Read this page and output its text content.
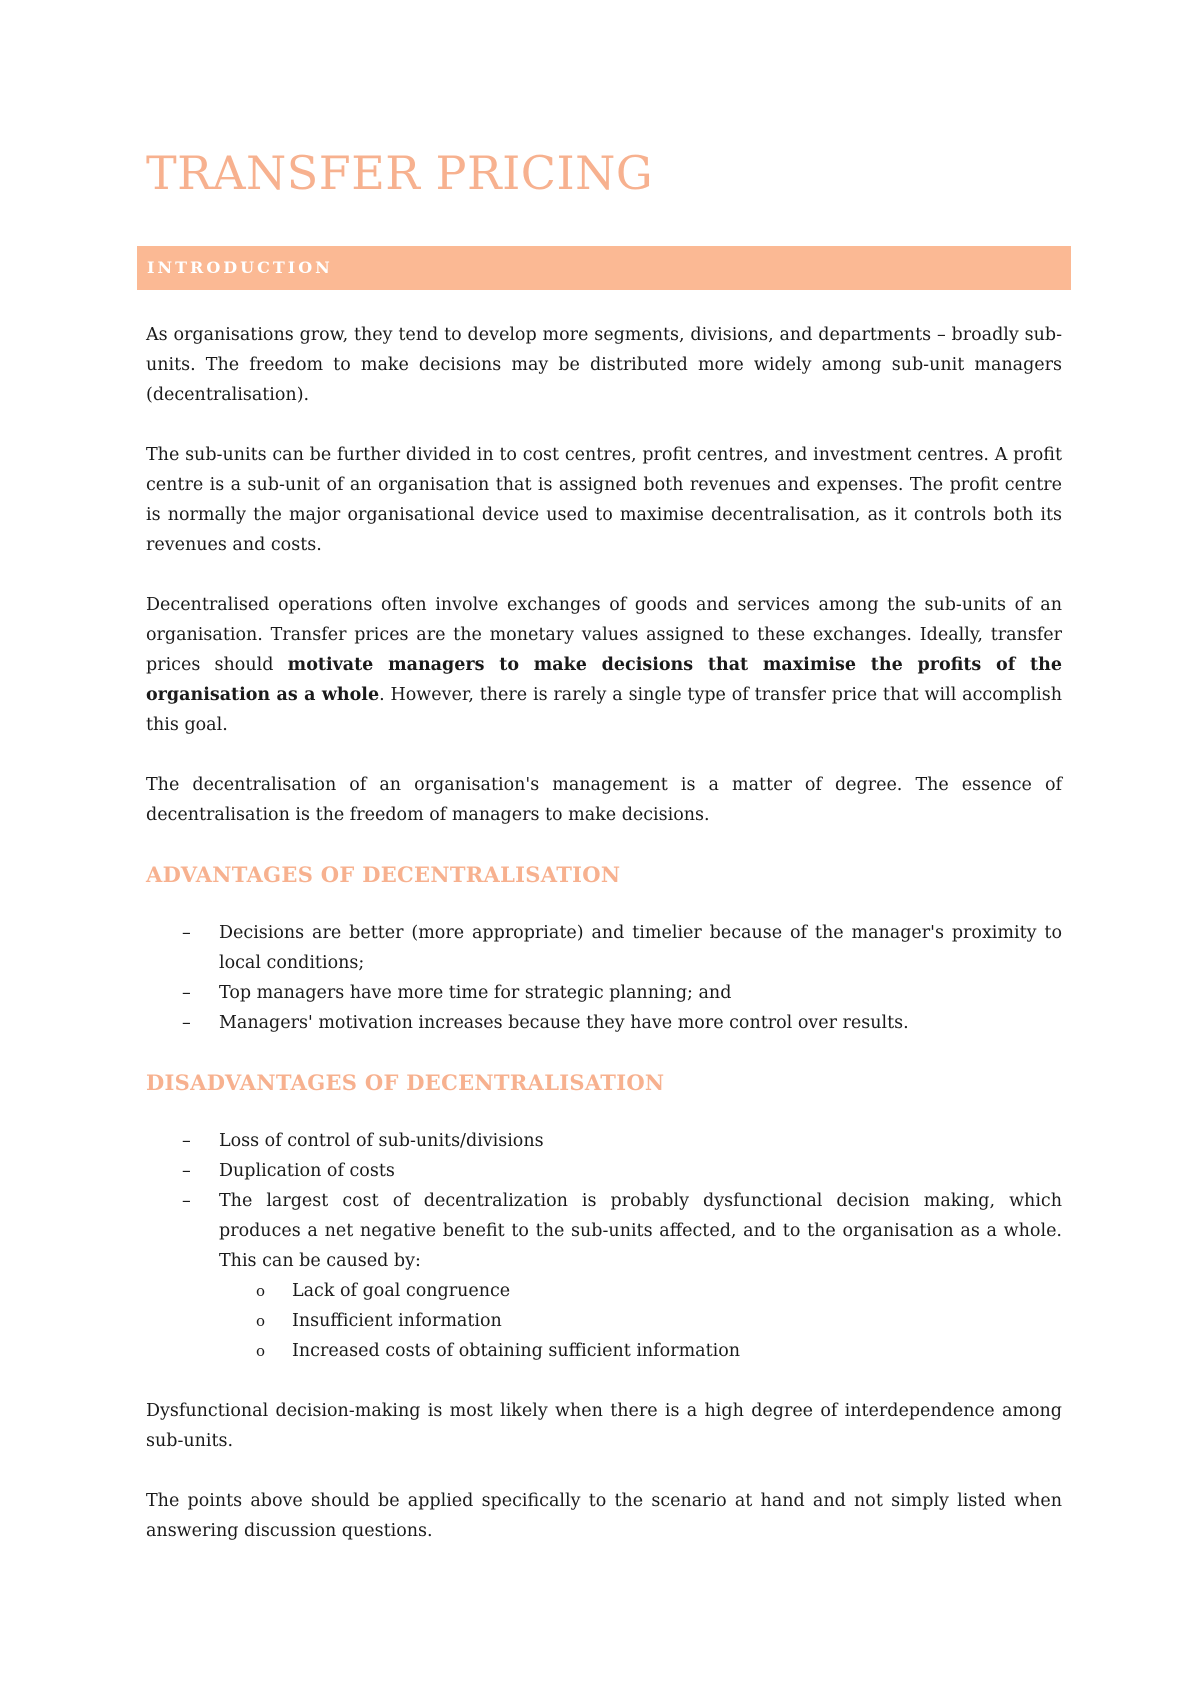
TRANSFER PRICING
INTRODUCTION

As organisations grow, they tend to develop more segments, divisions, and departments – broadly sub-units. The freedom to make decisions may be distributed more widely among sub-unit managers (decentralisation).

The sub-units can be further divided in to cost centres, profit centres, and investment centres. A profit centre is a sub-unit of an organisation that is assigned both revenues and expenses. The profit centre is normally the major organisational device used to maximise decentralisation, as it controls both its revenues and costs.

Decentralised operations often involve exchanges of goods and services among the sub-units of an organisation. Transfer prices are the monetary values assigned to these exchanges. Ideally, transfer prices should motivate managers to make decisions that maximise the profits of the organisation as a whole. However, there is rarely a single type of transfer price that will accomplish this goal.

The decentralisation of an organisation's management is a matter of degree. The essence of decentralisation is the freedom of managers to make decisions.

ADVANTAGES OF DECENTRALISATION
– Decisions are better (more appropriate) and timelier because of the manager's proximity to local conditions;
– Top managers have more time for strategic planning; and
– Managers' motivation increases because they have more control over results.
DISADVANTAGES OF DECENTRALISATION
– Loss of control of sub-units/divisions
– Duplication of costs
– The largest cost of decentralization is probably dysfunctional decision making, which produces a net negative benefit to the sub-units affected, and to the organisation as a whole. This can be caused by:
o Lack of goal congruence
o Insufficient information
o Increased costs of obtaining sufficient information

Dysfunctional decision-making is most likely when there is a high degree of interdependence among sub-units.

The points above should be applied specifically to the scenario at hand and not simply listed when answering discussion questions.
